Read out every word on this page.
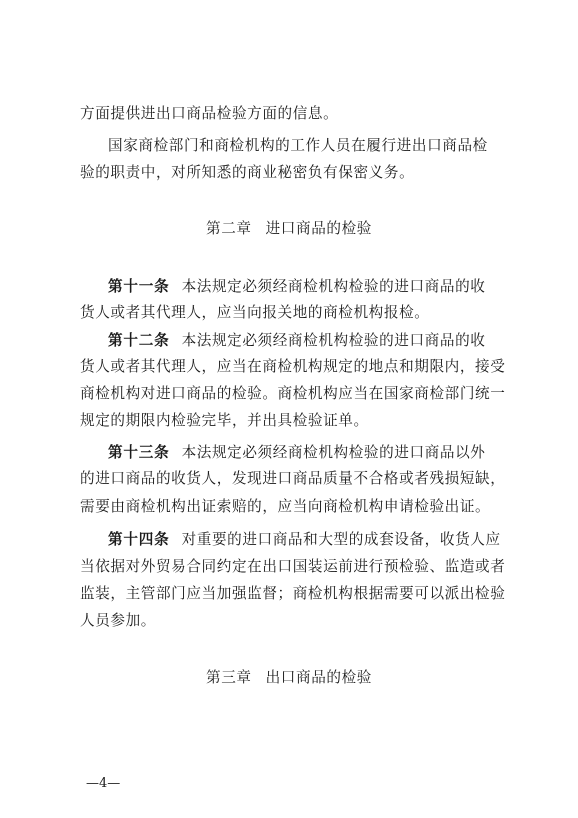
方面提供进出口商品检验方面的信息。
国家商检部门和商检机构的工作人员在履行进出口商品检
验的职责中，对所知悉的商业秘密负有保密义务。
第二章 进口商品的检验
第十一条 本法规定必须经商检机构检验的进口商品的收
货人或者其代理人，应当向报关地的商检机构报检。
第十二条 本法规定必须经商检机构检验的进口商品的收
货人或者其代理人，应当在商检机构规定的地点和期限内，接受
商检机构对进口商品的检验。商检机构应当在国家商检部门统一
规定的期限内检验完毕，并出具检验证单。
第十三条 本法规定必须经商检机构检验的进口商品以外
的进口商品的收货人，发现进口商品质量不合格或者残损短缺，
需要由商检机构出证索赔的，应当向商检机构申请检验出证。
第十四条 对重要的进口商品和大型的成套设备，收货人应
当依据对外贸易合同约定在出口国装运前进行预检验、监造或者
监装，主管部门应当加强监督；商检机构根据需要可以派出检验
人员参加。
第三章 出口商品的检验
—4—
